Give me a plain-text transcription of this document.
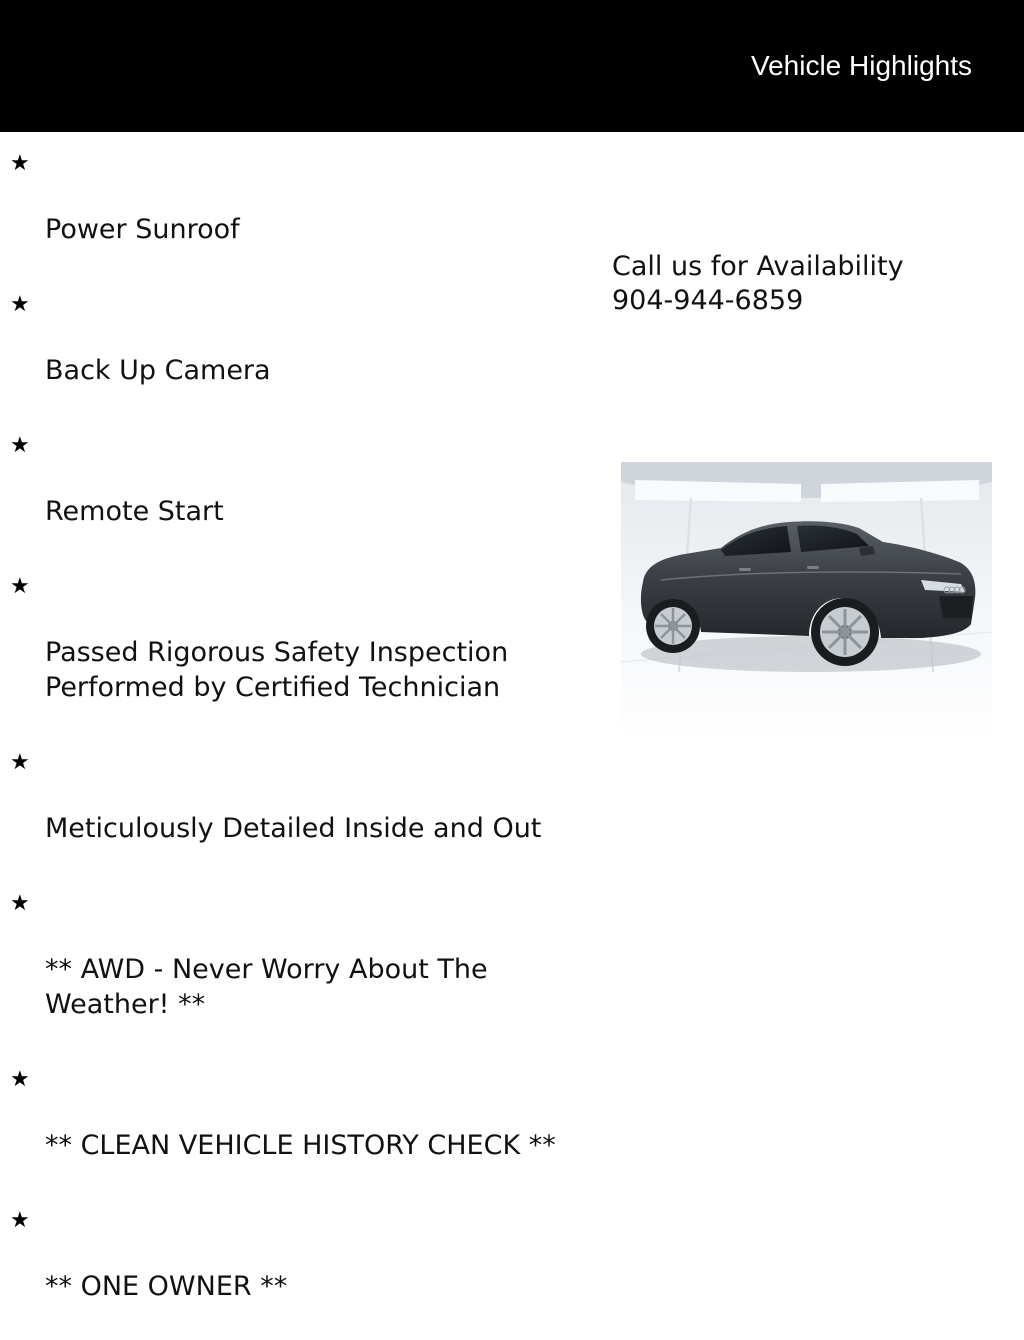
Vehicle Highlights

★

Power Sunroof

★

Back Up Camera

★

Remote Start

★

Passed Rigorous Safety Inspection
Performed by Certified Technician

★

Meticulously Detailed Inside and Out

★

** AWD - Never Worry About The
Weather! **

★

** CLEAN VEHICLE HISTORY CHECK **

★

** ONE OWNER **

Call us for Availability
904-944-6859
